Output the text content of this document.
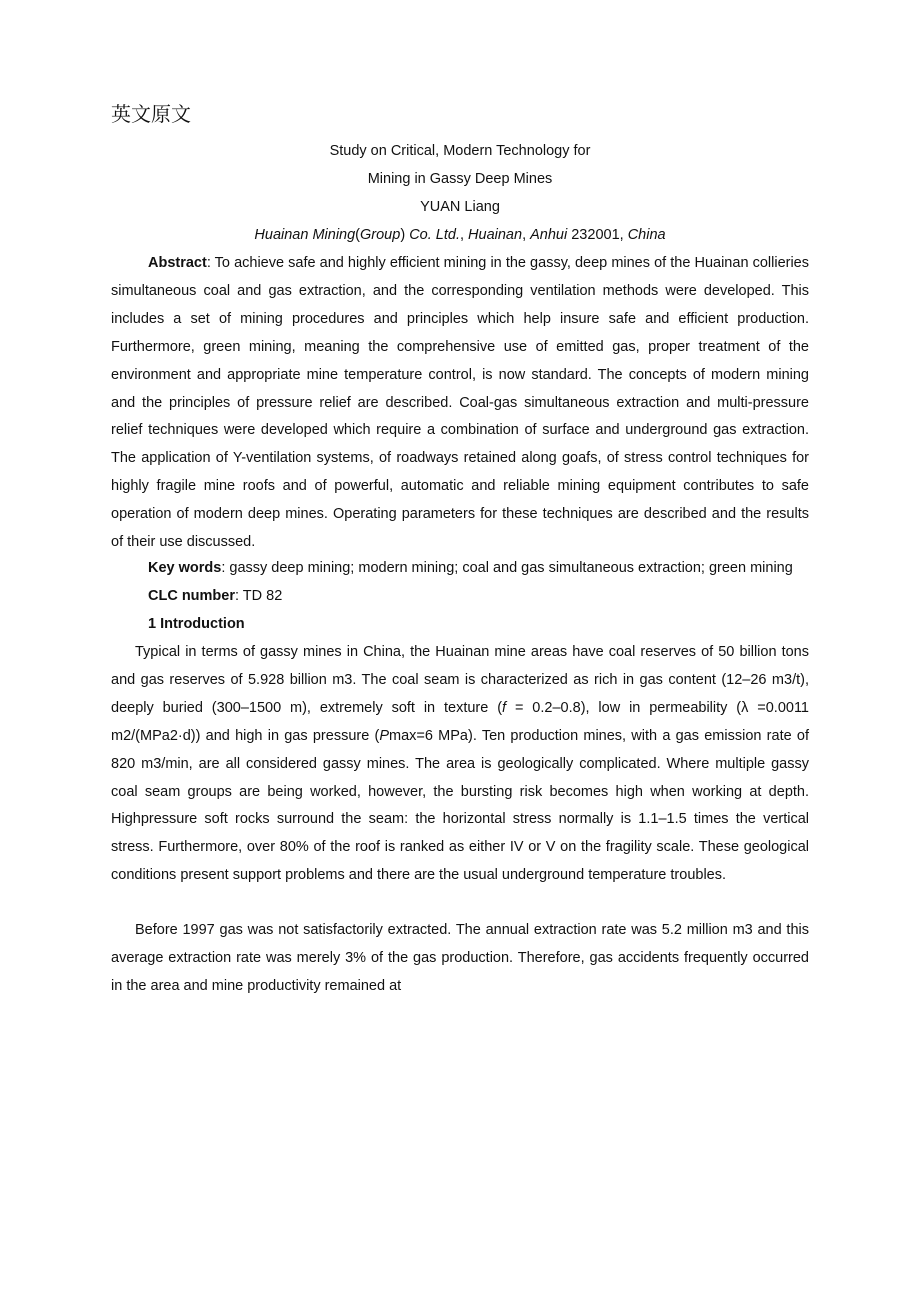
英文原文
Study on Critical, Modern Technology for
Mining in Gassy Deep Mines
YUAN Liang
Huainan Mining(Group) Co. Ltd., Huainan, Anhui 232001, China
Abstract: To achieve safe and highly efficient mining in the gassy, deep mines of the Huainan collieries simultaneous coal and gas extraction, and the corresponding ventilation methods were developed. This includes a set of mining procedures and principles which help insure safe and efficient production. Furthermore, green mining, meaning the comprehensive use of emitted gas, proper treatment of the environment and appropriate mine temperature control, is now standard. The concepts of modern mining and the principles of pressure relief are described. Coal-gas simultaneous extraction and multi-pressure relief techniques were developed which require a combination of surface and underground gas extraction. The application of Y-ventilation systems, of roadways retained along goafs, of stress control techniques for highly fragile mine roofs and of powerful, automatic and reliable mining equipment contributes to safe operation of modern deep mines. Operating parameters for these techniques are described and the results of their use discussed.
Key words: gassy deep mining; modern mining; coal and gas simultaneous extraction; green mining
CLC number: TD 82
1 Introduction
Typical in terms of gassy mines in China, the Huainan mine areas have coal reserves of 50 billion tons and gas reserves of 5.928 billion m3. The coal seam is characterized as rich in gas content (12–26 m3/t), deeply buried (300–1500 m), extremely soft in texture (f = 0.2–0.8), low in permeability (λ =0.0011 m2/(MPa2·d)) and high in gas pressure (Pmax=6 MPa). Ten production mines, with a gas emission rate of 820 m3/min, are all considered gassy mines. The area is geologically complicated. Where multiple gassy coal seam groups are being worked, however, the bursting risk becomes high when working at depth. Highpressure soft rocks surround the seam: the horizontal stress normally is 1.1–1.5 times the vertical stress. Furthermore, over 80% of the roof is ranked as either IV or V on the fragility scale. These geological conditions present support problems and there are the usual underground temperature troubles.
Before 1997 gas was not satisfactorily extracted. The annual extraction rate was 5.2 million m3 and this average extraction rate was merely 3% of the gas production. Therefore, gas accidents frequently occurred in the area and mine productivity remained at
